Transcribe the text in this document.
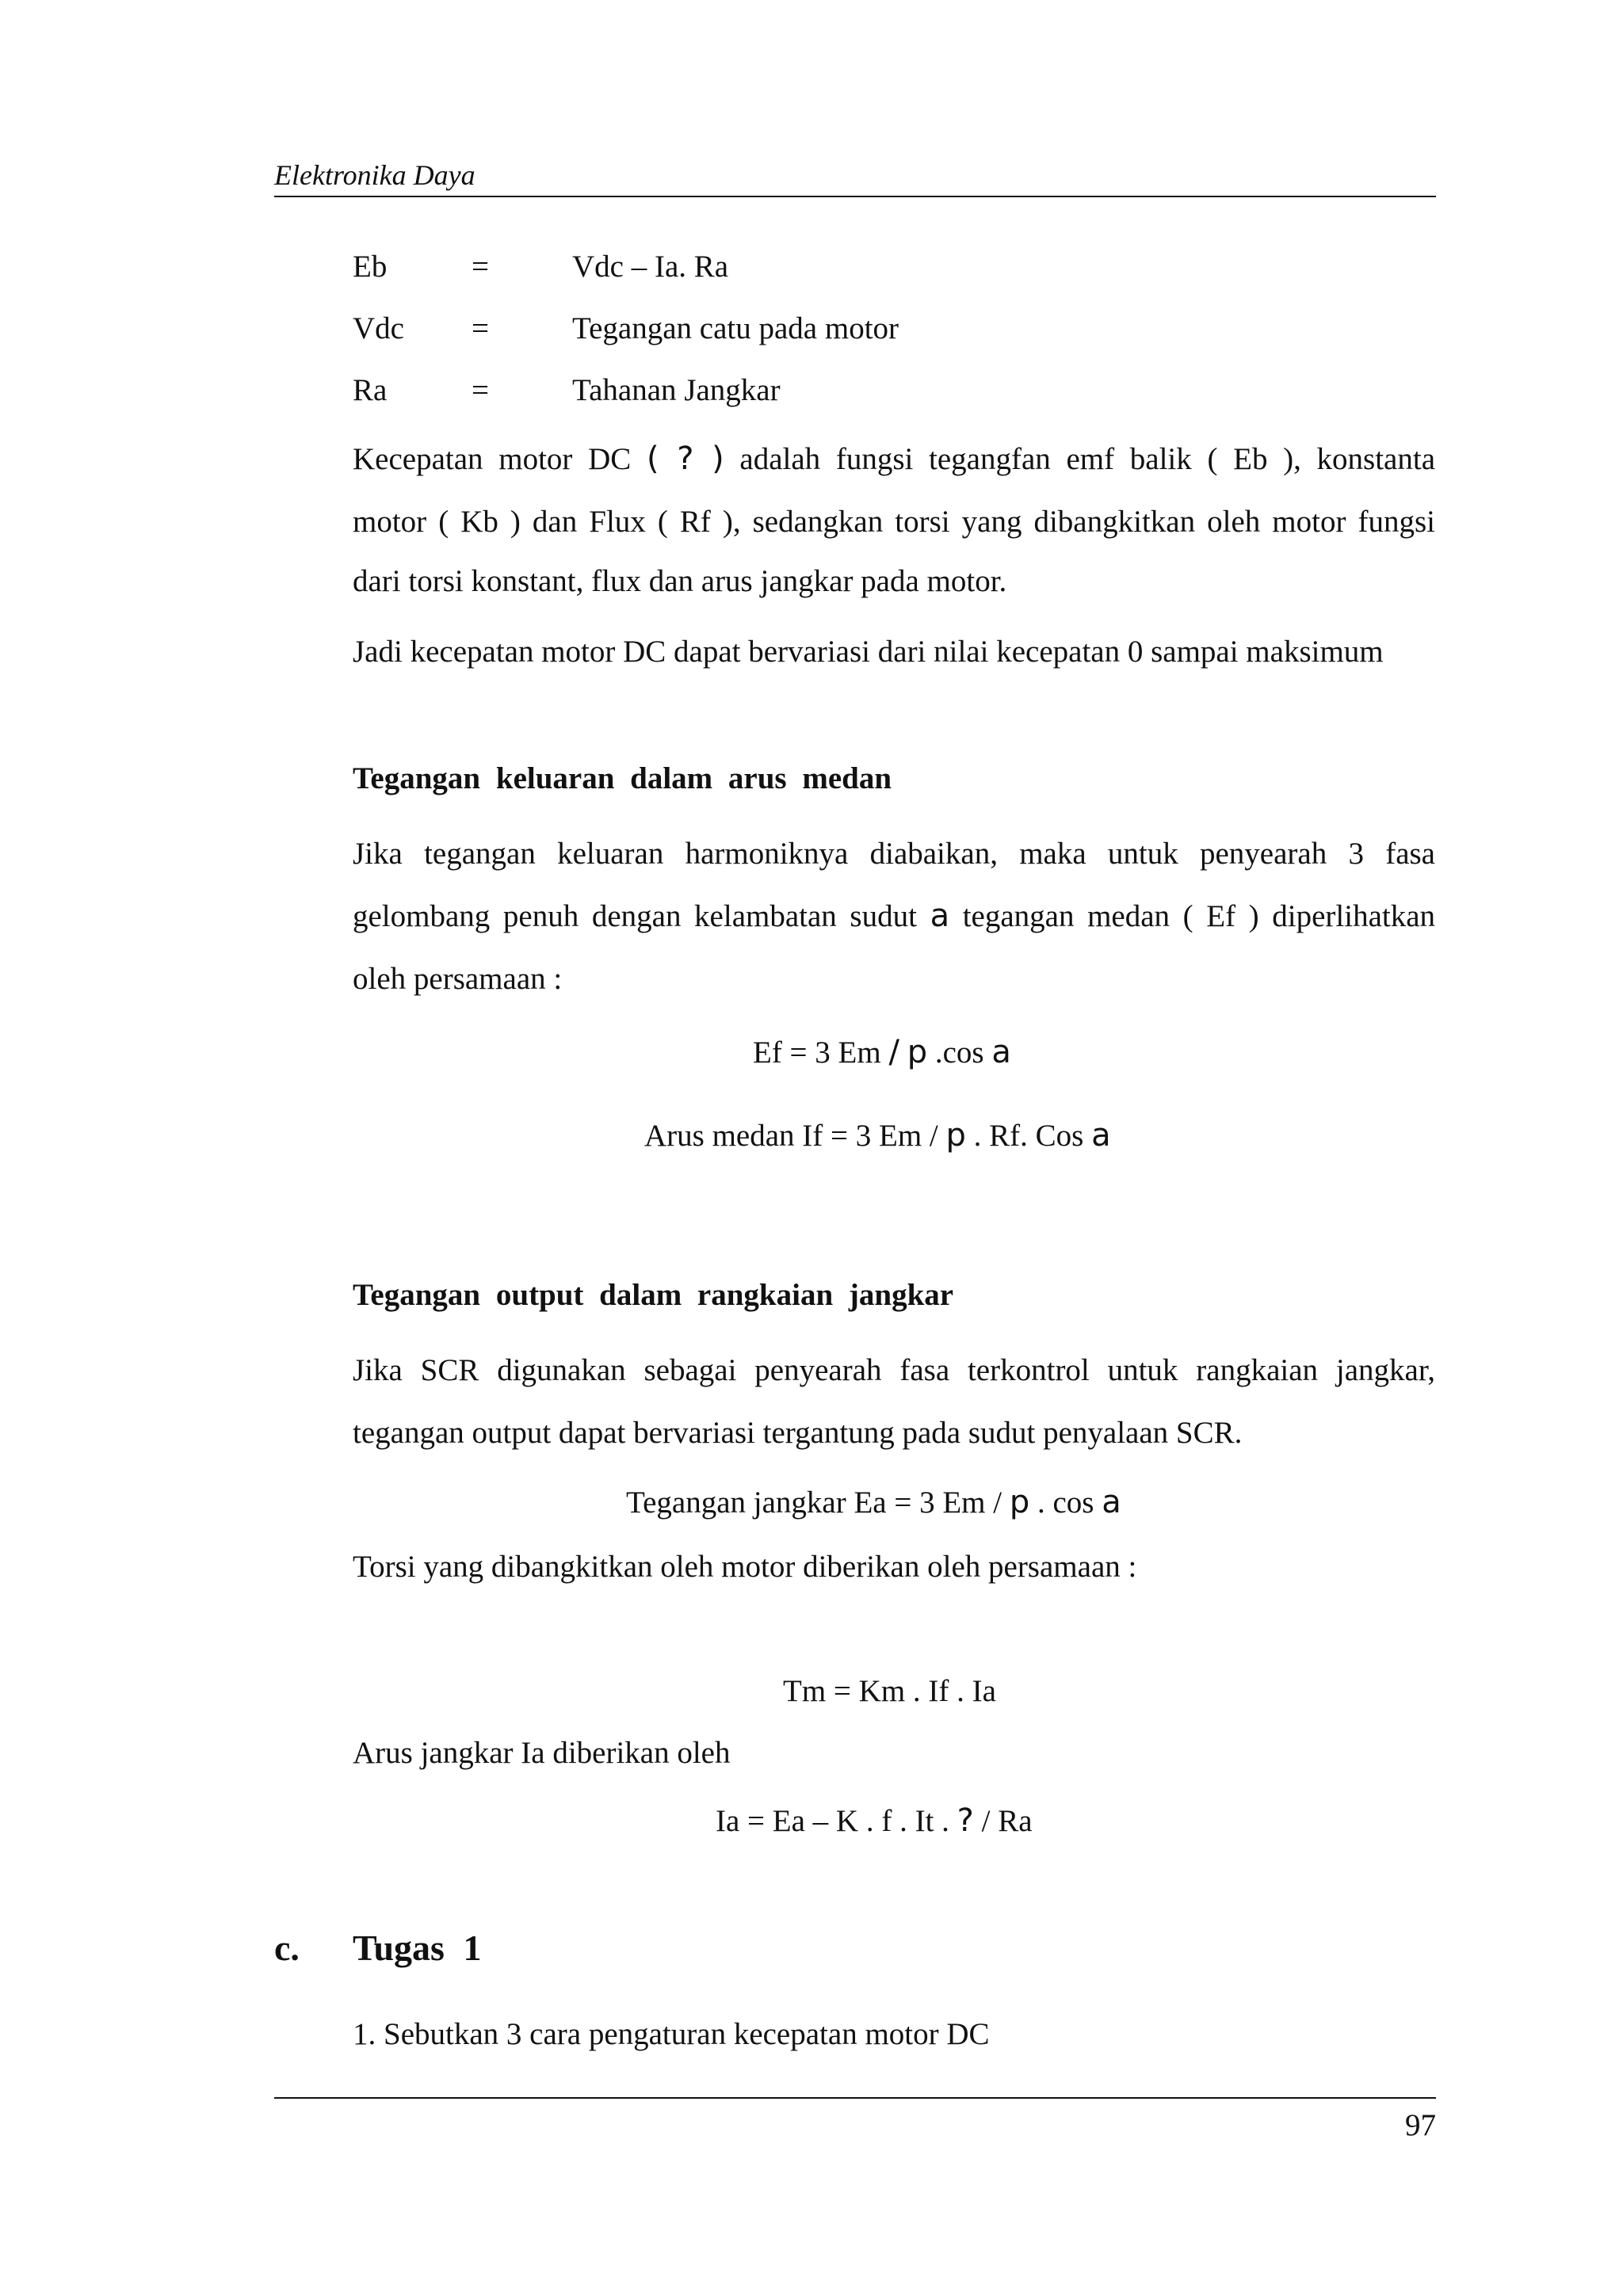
Elektronika Daya
Eb	=	Vdc – Ia. Ra
Vdc =	Tegangan catu pada motor
Ra	=	Tahanan Jangkar
Kecepatan motor DC ( ? ) adalah fungsi tegangfan emf balik ( Eb ), konstanta
motor ( Kb ) dan Flux ( Rf ), sedangkan torsi yang dibangkitkan oleh motor fungsi
dari torsi konstant, flux dan arus jangkar pada motor.
Jadi kecepatan motor DC dapat bervariasi dari nilai kecepatan 0 sampai maksimum
Tegangan keluaran dalam arus medan
Jika tegangan keluaran harmoniknya diabaikan, maka untuk penyearah 3 fasa
gelombang penuh dengan kelambatan sudut a tegangan medan ( Ef ) diperlihatkan
oleh persamaan :
Ef = 3 Em / p .cos a
Arus medan If = 3 Em / p . Rf. Cos a
Tegangan output dalam rangkaian jangkar
Jika SCR digunakan sebagai penyearah fasa terkontrol untuk rangkaian jangkar,
tegangan output dapat bervariasi tergantung pada sudut penyalaan SCR.
Tegangan jangkar Ea = 3 Em / p . cos a
Torsi yang dibangkitkan oleh motor diberikan oleh persamaan :
Tm = Km . If . Ia
Arus jangkar Ia diberikan oleh
Ia = Ea – K . f . It . ? / Ra
c. Tugas 1
1. Sebutkan 3 cara pengaturan kecepatan motor DC
97
